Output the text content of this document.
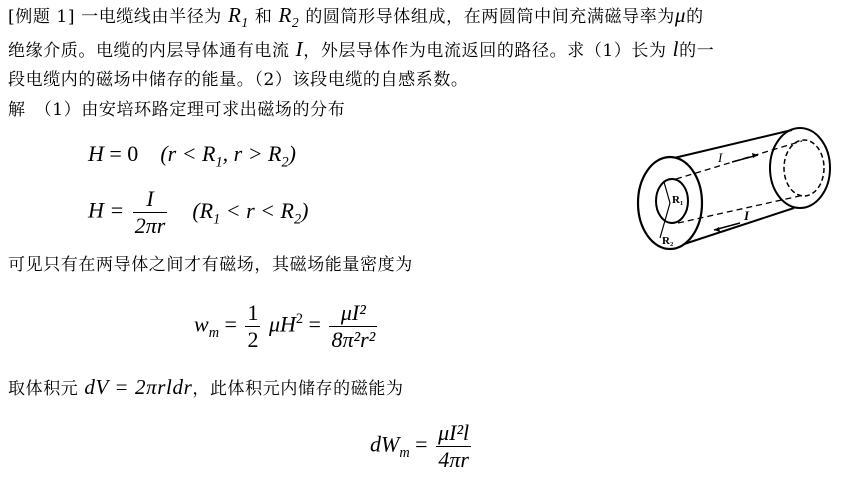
[例题 1] 一电缆线由半径为 $R_1$ 和 $R_2$ 的圆筒形导体组成，在两圆筒中间充满磁导率为μ的
绝缘介质。电缆的内层导体通有电流 I，外层导体作为电流返回的路径。求（1）长为 l的一
段电缆内的磁场中储存的能量。（2）该段电缆的自感系数。
解　（1）由安培环路定理可求出磁场的分布
H = 0 ($r < R_1$, $r > R_2$)
$H = \frac{I}{2\pi r} (R_1 < r < R_2)$
可见只有在两导体之间才有磁场，其磁场能量密度为
$w_m = \frac{1}{2} \mu H^2 = \frac{\text{μI²}}{\text{8π²r²}}$
取体积元 dV = 2πrldr，此体积元内储存的磁能为
$dW_m = \frac{\text{μI²l}}{4\pi r}$
R₁
R₂
I
I
